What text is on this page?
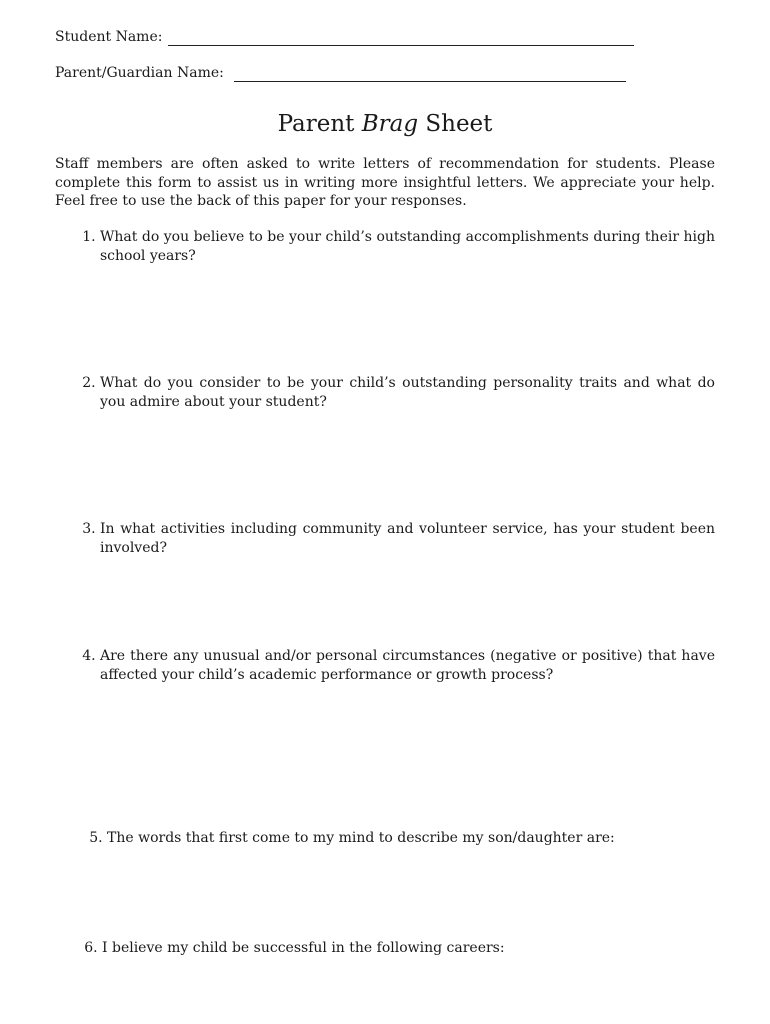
Student Name:
Parent/Guardian Name:
Parent Brag Sheet
Staff members are often asked to write letters of recommendation for students. Please complete this form to assist us in writing more insightful letters. We appreciate your help. Feel free to use the back of this paper for your responses.
1. What do you believe to be your child’s outstanding accomplishments during their high school years?
2. What do you consider to be your child’s outstanding personality traits and what do you admire about your student?
3. In what activities including community and volunteer service, has your student been involved?
4. Are there any unusual and/or personal circumstances (negative or positive) that have affected your child’s academic performance or growth process?
5. The words that first come to my mind to describe my son/daughter are:
6. I believe my child be successful in the following careers:
